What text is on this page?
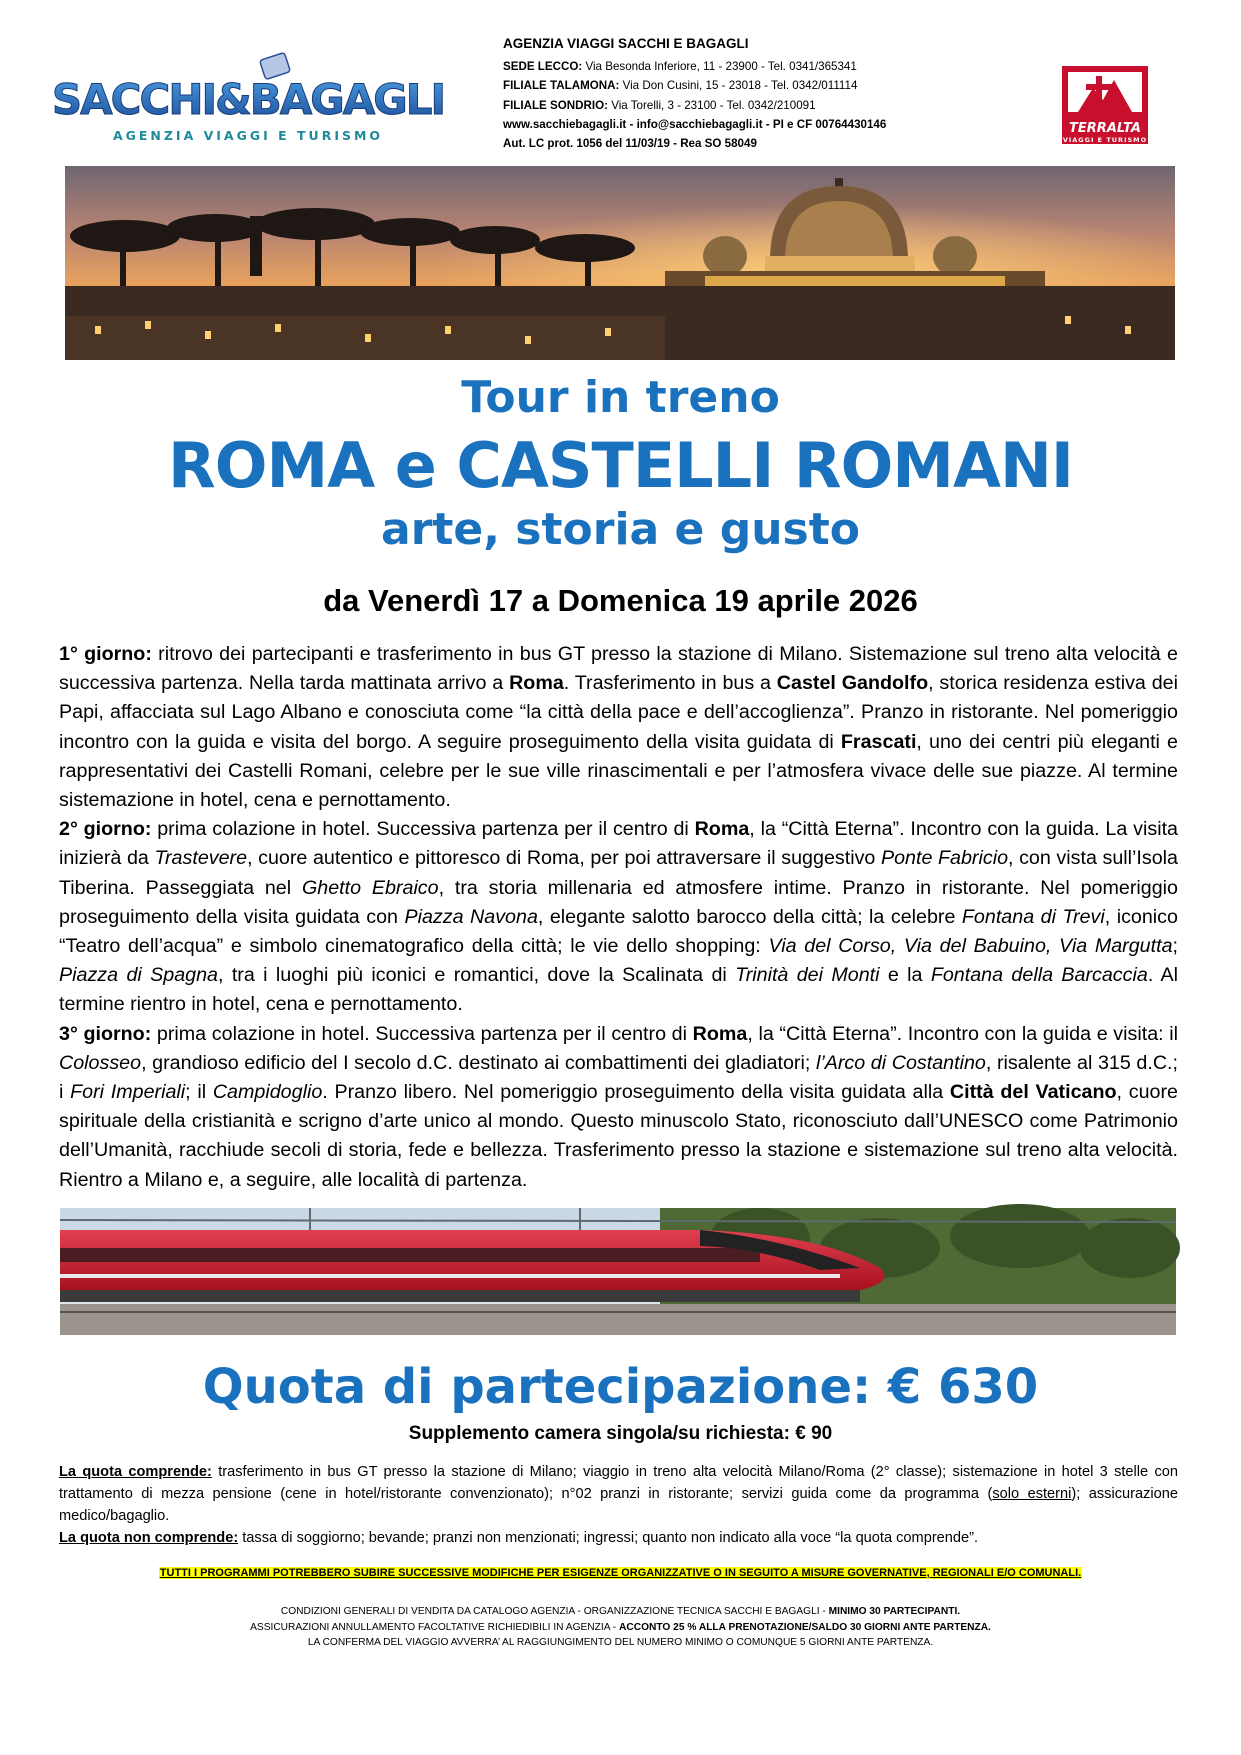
SACCHI&BAGAGLI
AGENZIA VIAGGI E TURISMO
AGENZIA VIAGGI SACCHI E BAGAGLI
SEDE LECCO: Via Besonda Inferiore, 11 - 23900 - Tel. 0341/365341
FILIALE TALAMONA: Via Don Cusini, 15 - 23018 - Tel. 0342/011114
FILIALE SONDRIO: Via Torelli, 3 - 23100 - Tel. 0342/210091
www.sacchiebagagli.it - info@sacchiebagagli.it - PI e CF 00764430146
Aut. LC prot. 1056 del 11/03/19 - Rea SO 58049
TERRALTA
VIAGGI E TURISMO
Tour in treno
ROMA e CASTELLI ROMANI
arte, storia e gusto
da Venerdì 17 a Domenica 19 aprile 2026

1° giorno: ritrovo dei partecipanti e trasferimento in bus GT presso la stazione di Milano. Sistemazione sul treno alta velocità e successiva partenza. Nella tarda mattinata arrivo a Roma. Trasferimento in bus a Castel Gandolfo, storica residenza estiva dei Papi, affacciata sul Lago Albano e conosciuta come “la città della pace e dell’accoglienza”. Pranzo in ristorante. Nel pomeriggio incontro con la guida e visita del borgo. A seguire proseguimento della visita guidata di Frascati, uno dei centri più eleganti e rappresentativi dei Castelli Romani, celebre per le sue ville rinascimentali e per l’atmosfera vivace delle sue piazze. Al termine sistemazione in hotel, cena e pernottamento.

2° giorno: prima colazione in hotel. Successiva partenza per il centro di Roma, la “Città Eterna”. Incontro con la guida. La visita inizierà da Trastevere, cuore autentico e pittoresco di Roma, per poi attraversare il suggestivo Ponte Fabricio, con vista sull’Isola Tiberina. Passeggiata nel Ghetto Ebraico, tra storia millenaria ed atmosfere intime. Pranzo in ristorante. Nel pomeriggio proseguimento della visita guidata con Piazza Navona, elegante salotto barocco della città; la celebre Fontana di Trevi, iconico “Teatro dell’acqua” e simbolo cinematografico della città; le vie dello shopping: Via del Corso, Via del Babuino, Via Margutta; Piazza di Spagna, tra i luoghi più iconici e romantici, dove la Scalinata di Trinità dei Monti e la Fontana della Barcaccia. Al termine rientro in hotel, cena e pernottamento.

3° giorno: prima colazione in hotel. Successiva partenza per il centro di Roma, la “Città Eterna”. Incontro con la guida e visita: il Colosseo, grandioso edificio del I secolo d.C. destinato ai combattimenti dei gladiatori; l’Arco di Costantino, risalente al 315 d.C.; i Fori Imperiali; il Campidoglio. Pranzo libero. Nel pomeriggio proseguimento della visita guidata alla Città del Vaticano, cuore spirituale della cristianità e scrigno d’arte unico al mondo. Questo minuscolo Stato, riconosciuto dall’UNESCO come Patrimonio dell’Umanità, racchiude secoli di storia, fede e bellezza. Trasferimento presso la stazione e sistemazione sul treno alta velocità. Rientro a Milano e, a seguire, alle località di partenza.

Quota di partecipazione: € 630
Supplemento camera singola/su richiesta: € 90

La quota comprende: trasferimento in bus GT presso la stazione di Milano; viaggio in treno alta velocità Milano/Roma (2° classe); sistemazione in hotel 3 stelle con trattamento di mezza pensione (cene in hotel/ristorante convenzionato); n°02 pranzi in ristorante; servizi guida come da programma (solo esterni); assicurazione medico/bagaglio.

La quota non comprende: tassa di soggiorno; bevande; pranzi non menzionati; ingressi; quanto non indicato alla voce “la quota comprende”.

TUTTI I PROGRAMMI POTREBBERO SUBIRE SUCCESSIVE MODIFICHE PER ESIGENZE ORGANIZZATIVE O IN SEGUITO A MISURE GOVERNATIVE, REGIONALI E/O COMUNALI.
CONDIZIONI GENERALI DI VENDITA DA CATALOGO AGENZIA - ORGANIZZAZIONE TECNICA SACCHI E BAGAGLI - MINIMO 30 PARTECIPANTI.
ASSICURAZIONI ANNULLAMENTO FACOLTATIVE RICHIEDIBILI IN AGENZIA - ACCONTO 25 % ALLA PRENOTAZIONE/SALDO 30 GIORNI ANTE PARTENZA.
LA CONFERMA DEL VIAGGIO AVVERRA’ AL RAGGIUNGIMENTO DEL NUMERO MINIMO O COMUNQUE 5 GIORNI ANTE PARTENZA.
